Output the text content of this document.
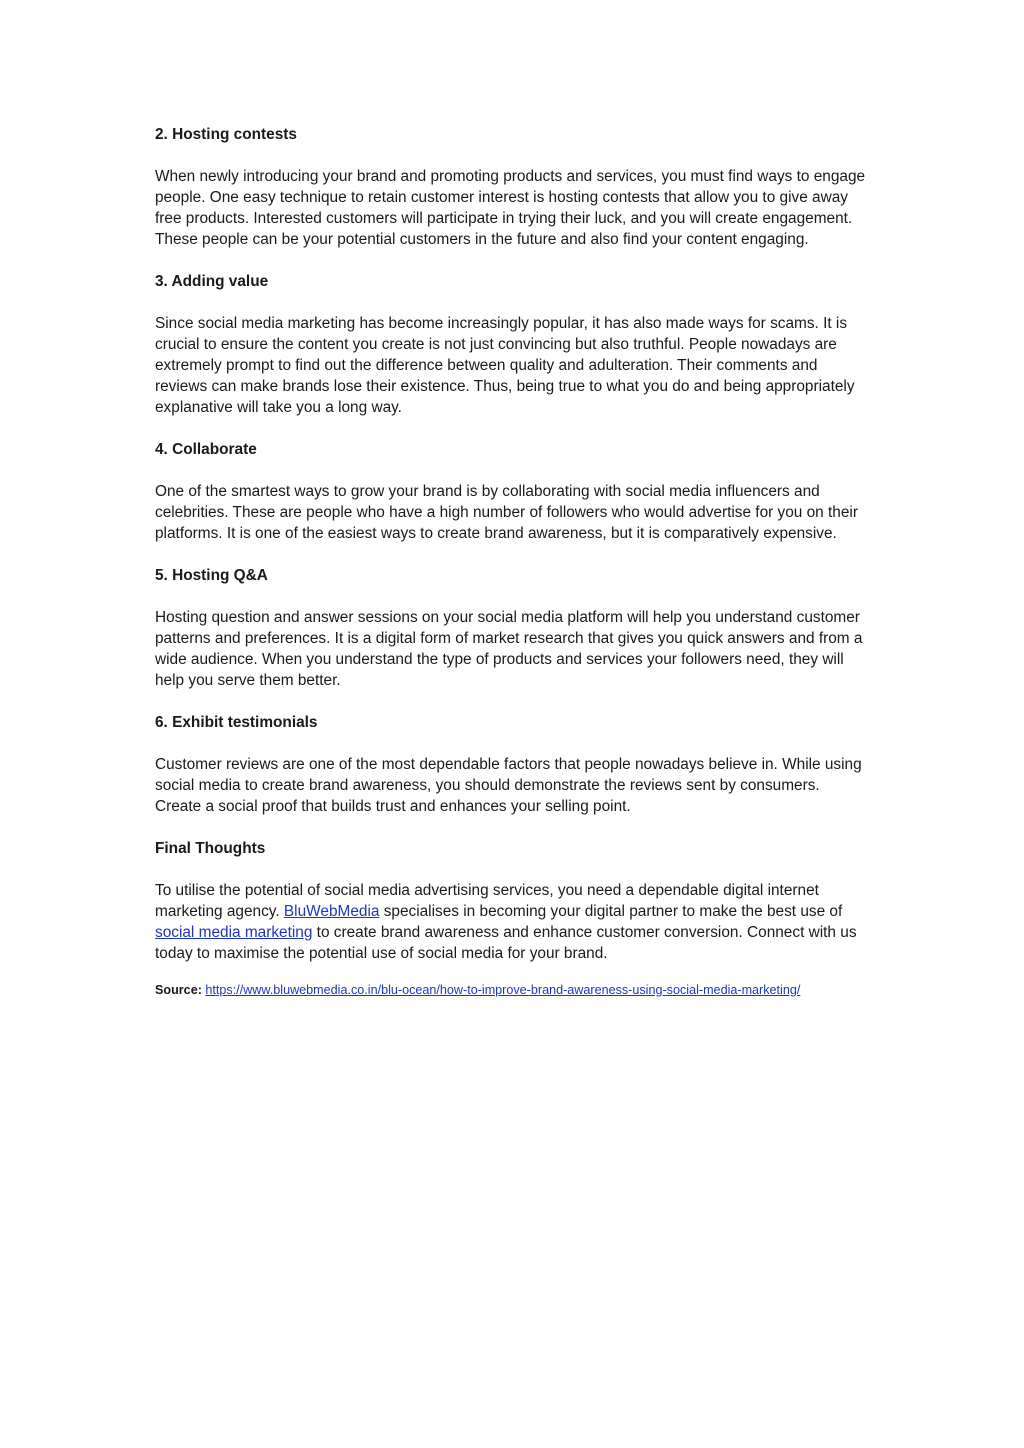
2. Hosting contests
When newly introducing your brand and promoting products and services, you must find ways to engage people. One easy technique to retain customer interest is hosting contests that allow you to give away free products. Interested customers will participate in trying their luck, and you will create engagement. These people can be your potential customers in the future and also find your content engaging.
3. Adding value
Since social media marketing has become increasingly popular, it has also made ways for scams. It is crucial to ensure the content you create is not just convincing but also truthful. People nowadays are extremely prompt to find out the difference between quality and adulteration. Their comments and reviews can make brands lose their existence. Thus, being true to what you do and being appropriately explanative will take you a long way.
4. Collaborate
One of the smartest ways to grow your brand is by collaborating with social media influencers and celebrities. These are people who have a high number of followers who would advertise for you on their platforms. It is one of the easiest ways to create brand awareness, but it is comparatively expensive.
5. Hosting Q&A
Hosting question and answer sessions on your social media platform will help you understand customer patterns and preferences. It is a digital form of market research that gives you quick answers and from a wide audience. When you understand the type of products and services your followers need, they will help you serve them better.
6. Exhibit testimonials
Customer reviews are one of the most dependable factors that people nowadays believe in. While using social media to create brand awareness, you should demonstrate the reviews sent by consumers. Create a social proof that builds trust and enhances your selling point.
Final Thoughts
To utilise the potential of social media advertising services, you need a dependable digital internet marketing agency. BluWebMedia specialises in becoming your digital partner to make the best use of social media marketing to create brand awareness and enhance customer conversion. Connect with us today to maximise the potential use of social media for your brand.
Source: https://www.bluwebmedia.co.in/blu-ocean/how-to-improve-brand-awareness-using-social-media-marketing/
